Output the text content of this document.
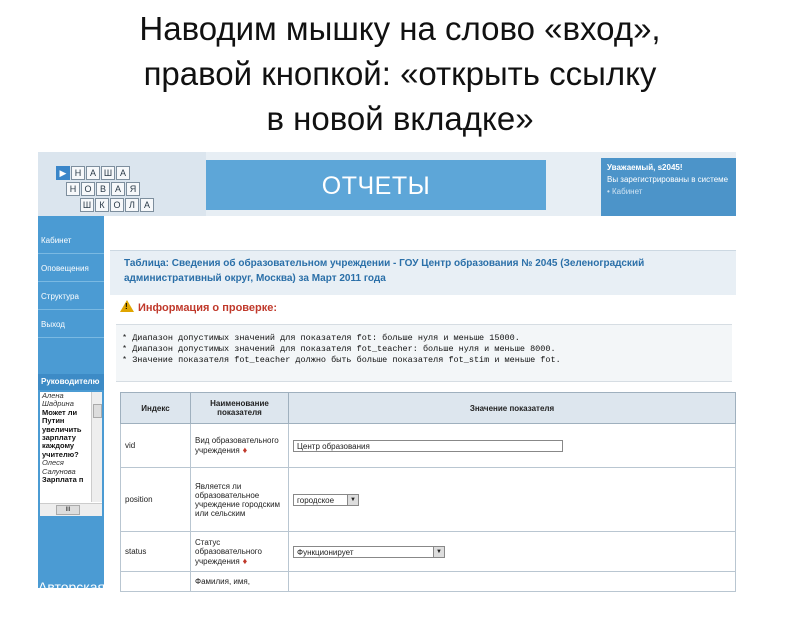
Наводим мышку на слово «вход»,
правой кнопкой: «открыть ссылку
в новой вкладке»
▶ Н А Ш А
Н О В А Я
Ш К О Л А
ОТЧЕТЫ
Уважаемый, s2045!
Вы зарегистрированы в системе
• Кабинет
Кабинет
Оповещения
Структура
Выход
Руководителю
Алена
Шадрина
Может ли Путин увеличить зарплату каждому учителю?
Олеся
Салунова
Зарплата п
III
Авторская
школа
"Эврика"
Таблица: Сведения об образовательном учреждении - ГОУ Центр образования № 2045 (Зеленоградский административный округ, Москва) за Март 2011 года
!Информация о проверке:
* Диапазон допустимых значений для показателя fot: больше нуля и меньше 15000.
* Диапазон допустимых значений для показателя fot_teacher: больше нуля и меньше 8000.
* Значение показателя fot_teacher должно быть больше показателя fot_stim и меньше fot.
Индекс	Наименование показателя	Значение показателя
vid	Вид образовательного учреждения ♦	Центр образования
position	Является ли образовательное учреждение городским или сельским	городское ▼

status	Статус образовательного учреждения ♦	Функционирует ▼

	Фамилия, имя,	
